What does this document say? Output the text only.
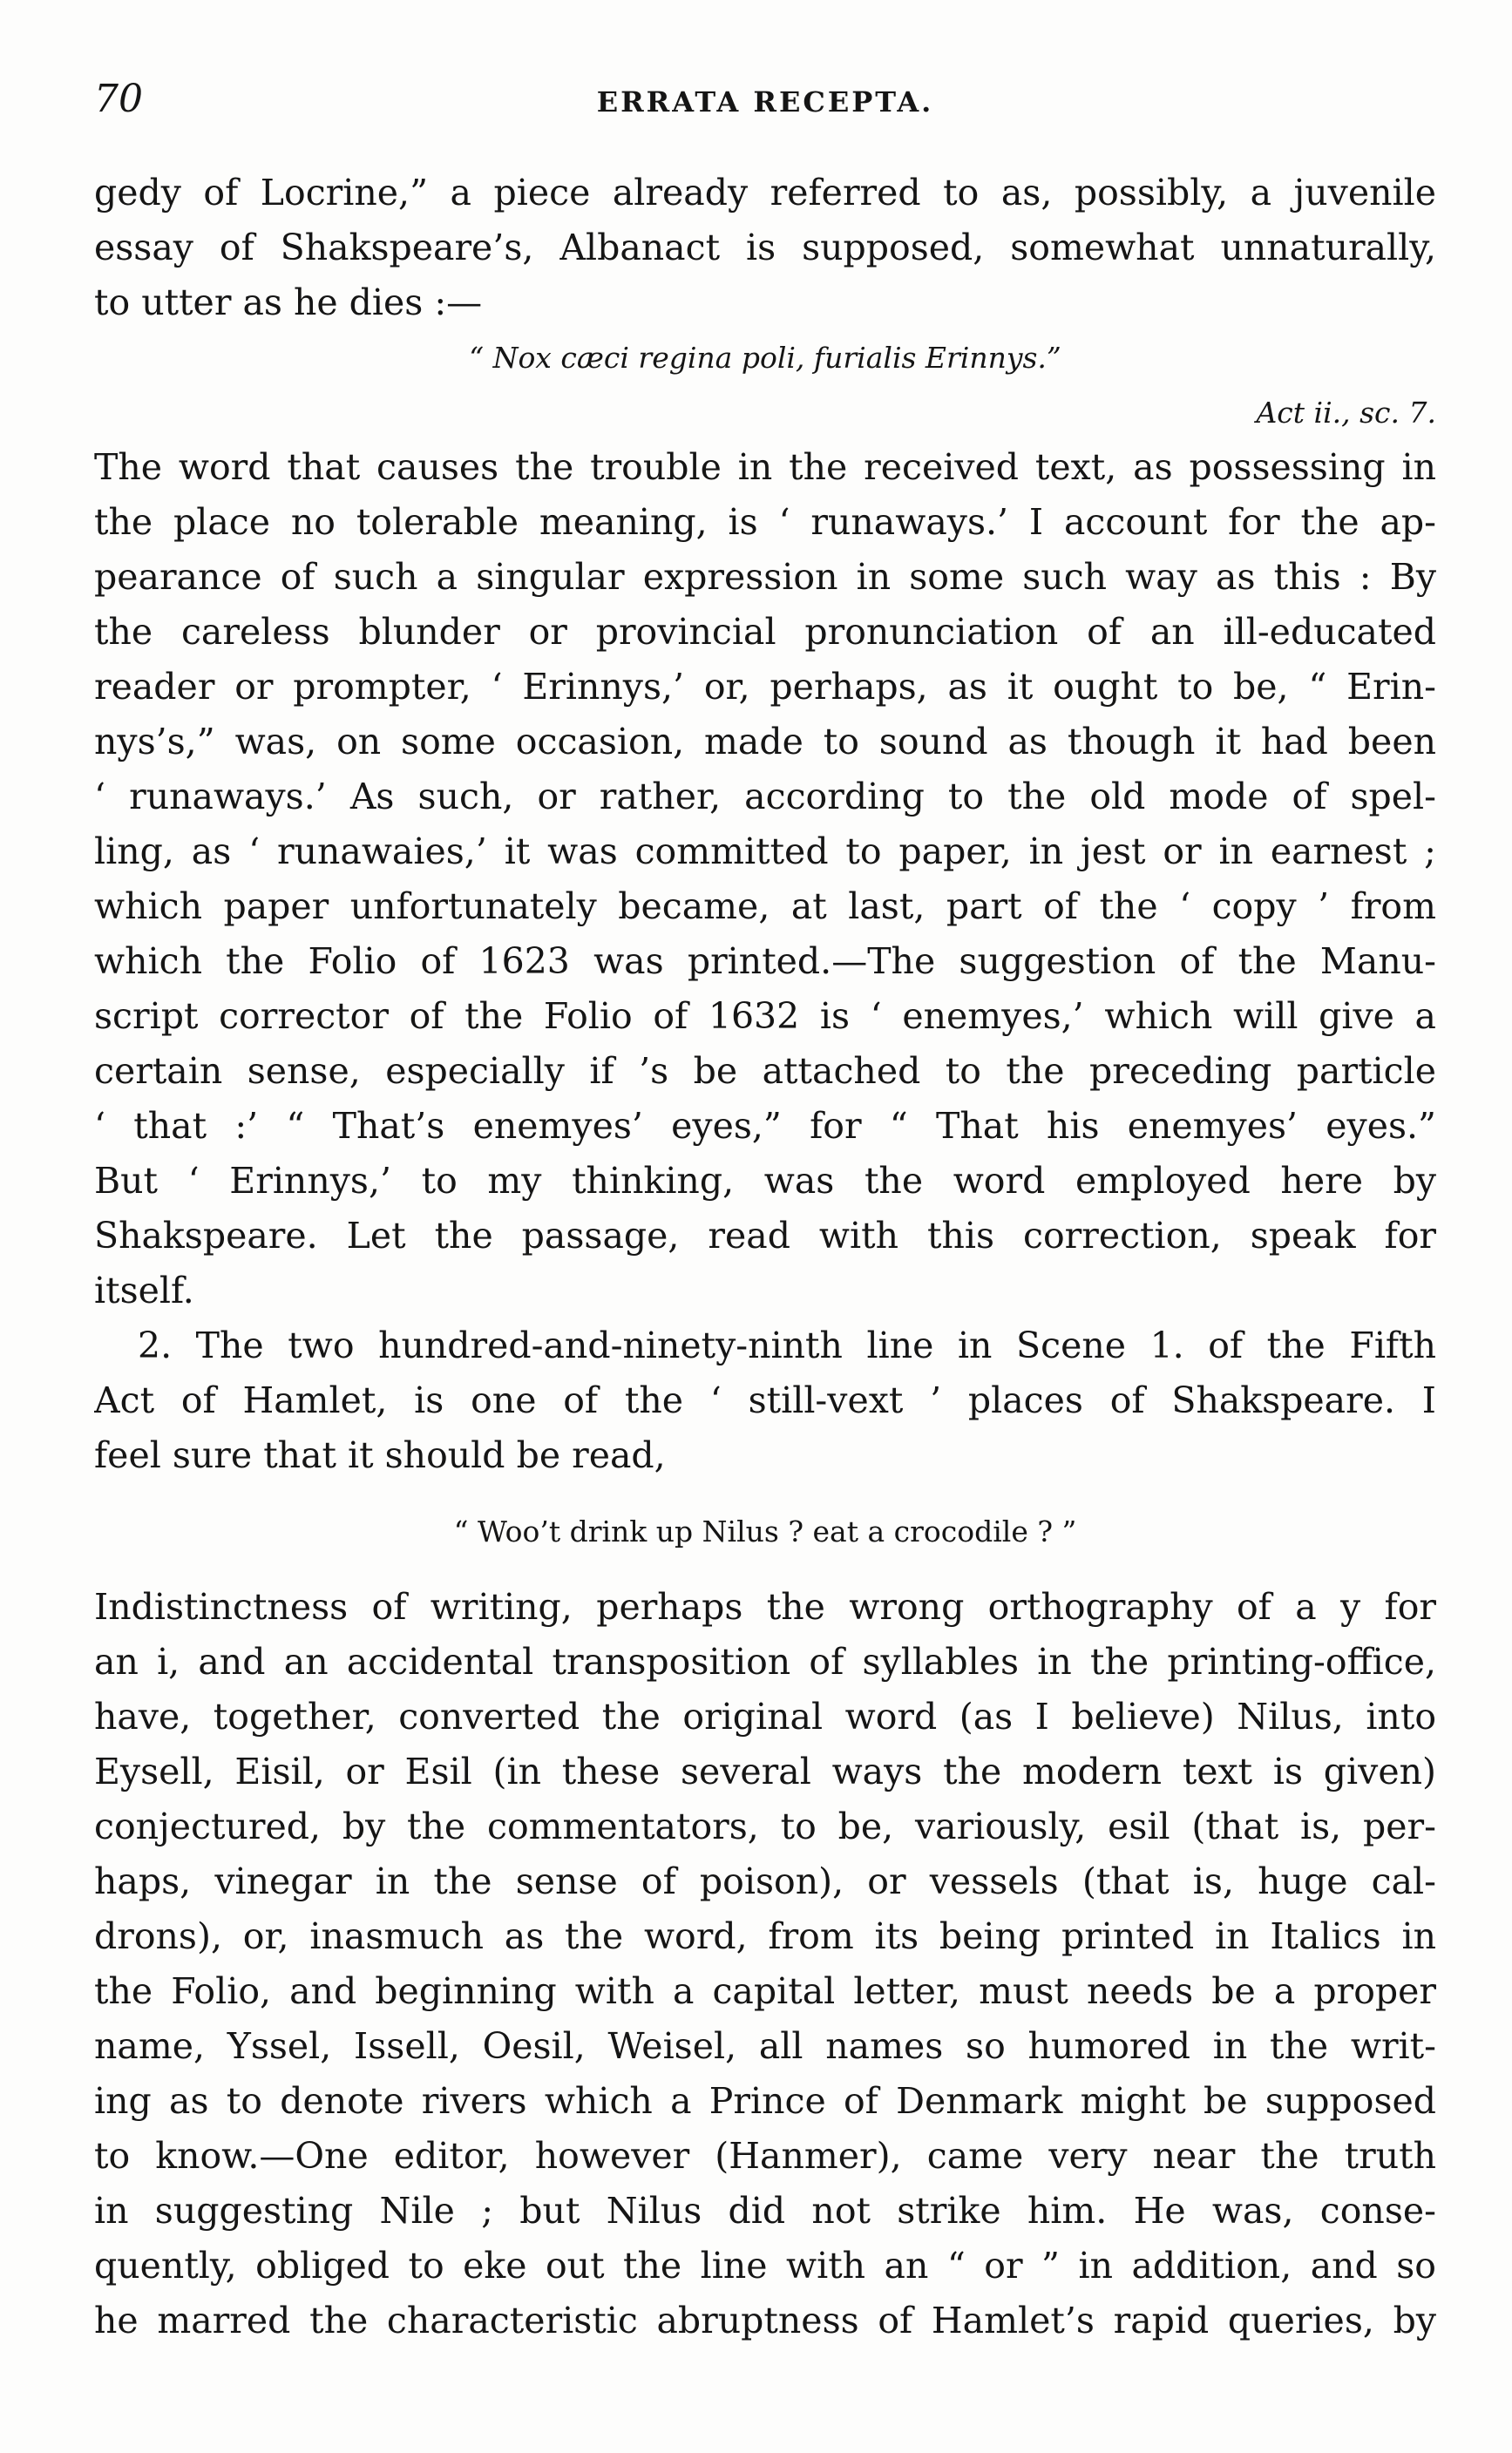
70	ERRATA RECEPTA.
gedy of Locrine,” a piece already referred to as, possibly, a juvenile
essay of Shakspeare’s, Albanact is supposed, somewhat unnaturally,
to utter as he dies :—
“ Nox cæci regina poli, furialis Erinnys.”
Act ii., sc. 7.
The word that causes the trouble in the received text, as possessing in
the place no tolerable meaning, is ‘ runaways.’ I account for the ap-
pearance of such a singular expression in some such way as this : By
the careless blunder or provincial pronunciation of an ill-educated
reader or prompter, ‘ Erinnys,’ or, perhaps, as it ought to be, “ Erin-
nys’s,” was, on some occasion, made to sound as though it had been
‘ runaways.’ As such, or rather, according to the old mode of spel-
ling, as ‘ runawaies,’ it was committed to paper, in jest or in earnest ;
which paper unfortunately became, at last, part of the ‘ copy ’ from
which the Folio of 1623 was printed.—The suggestion of the Manu-
script corrector of the Folio of 1632 is ‘ enemyes,’ which will give a
certain sense, especially if ’s be attached to the preceding particle
‘ that :’ “ That’s enemyes’ eyes,” for “ That his enemyes’ eyes.”
But ‘ Erinnys,’ to my thinking, was the word employed here by
Shakspeare. Let the passage, read with this correction, speak for
itself.
2. The two hundred-and-ninety-ninth line in Scene 1. of the Fifth
Act of Hamlet, is one of the ‘ still-vext ’ places of Shakspeare. I
feel sure that it should be read,
“ Woo’t drink up Nilus ? eat a crocodile ? ”
Indistinctness of writing, perhaps the wrong orthography of a y for
an i, and an accidental transposition of syllables in the printing-office,
have, together, converted the original word (as I believe) Nilus, into
Eysell, Eisil, or Esil (in these several ways the modern text is given)
conjectured, by the commentators, to be, variously, esil (that is, per-
haps, vinegar in the sense of poison), or vessels (that is, huge cal-
drons), or, inasmuch as the word, from its being printed in Italics in
the Folio, and beginning with a capital letter, must needs be a proper
name, Yssel, Issell, Oesil, Weisel, all names so humored in the writ-
ing as to denote rivers which a Prince of Denmark might be supposed
to know.—One editor, however (Hanmer), came very near the truth
in suggesting Nile ; but Nilus did not strike him. He was, conse-
quently, obliged to eke out the line with an “ or ” in addition, and so
he marred the characteristic abruptness of Hamlet’s rapid queries, by
